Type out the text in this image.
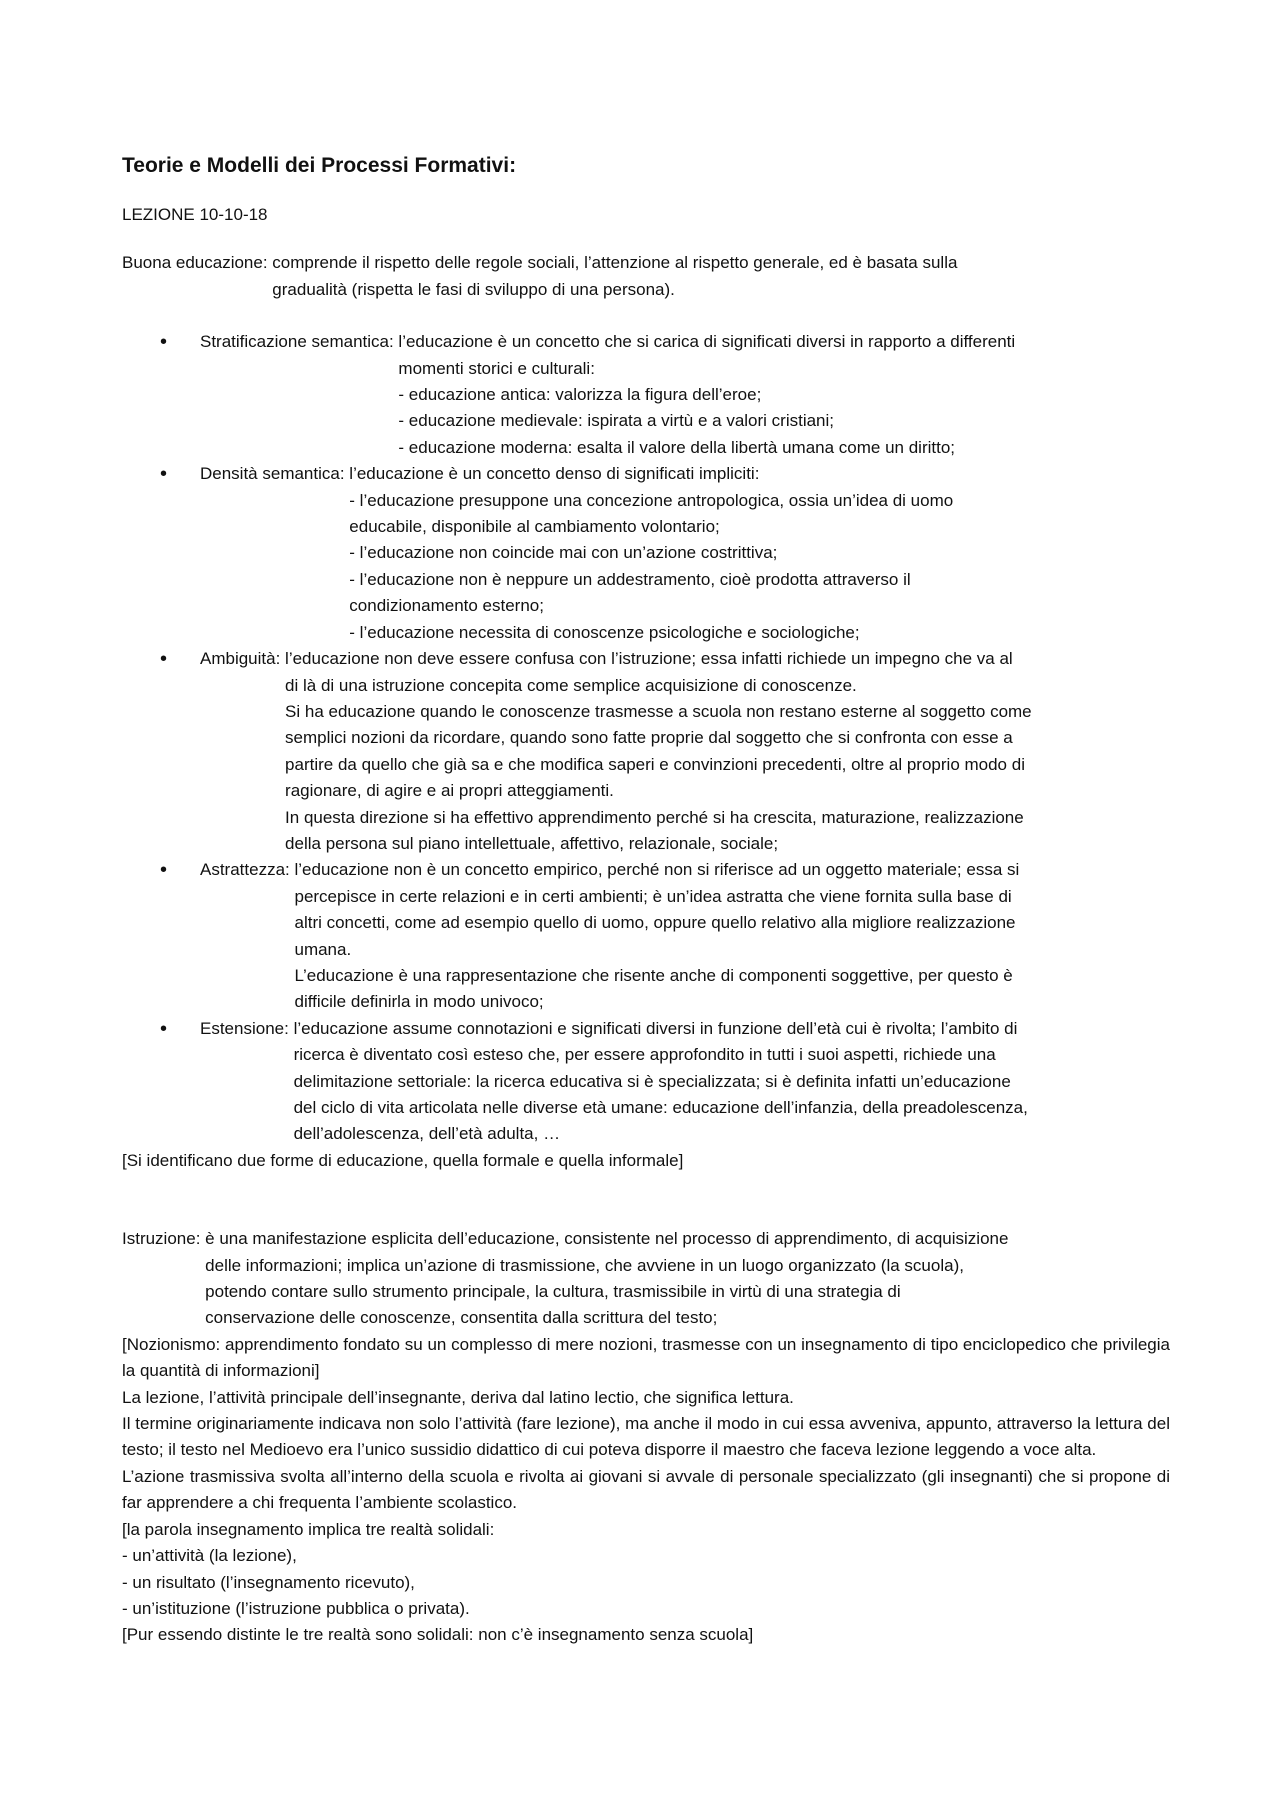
Teorie e Modelli dei Processi Formativi:
LEZIONE 10-10-18
Buona educazione: comprende il rispetto delle regole sociali, l’attenzione al rispetto generale, ed è basata sulla

gradualità (rispetta le fasi di sviluppo di una persona).

• Stratificazione semantica: l’educazione è un concetto che si carica di significati diversi in rapporto a differenti

momenti storici e culturali:

- educazione antica: valorizza la figura dell’eroe;

- educazione medievale: ispirata a virtù e a valori cristiani;

- educazione moderna: esalta il valore della libertà umana come un diritto;

• Densità semantica: l’educazione è un concetto denso di significati impliciti:

- l’educazione presuppone una concezione antropologica, ossia un’idea di uomo

educabile, disponibile al cambiamento volontario;

- l’educazione non coincide mai con un’azione costrittiva;

- l’educazione non è neppure un addestramento, cioè prodotta attraverso il

condizionamento esterno;

- l’educazione necessita di conoscenze psicologiche e sociologiche;

• Ambiguità: l’educazione non deve essere confusa con l’istruzione; essa infatti richiede un impegno che va al

di là di una istruzione concepita come semplice acquisizione di conoscenze.

Si ha educazione quando le conoscenze trasmesse a scuola non restano esterne al soggetto come

semplici nozioni da ricordare, quando sono fatte proprie dal soggetto che si confronta con esse a

partire da quello che già sa e che modifica saperi e convinzioni precedenti, oltre al proprio modo di

ragionare, di agire e ai propri atteggiamenti.

In questa direzione si ha effettivo apprendimento perché si ha crescita, maturazione, realizzazione

della persona sul piano intellettuale, affettivo, relazionale, sociale;

• Astrattezza: l’educazione non è un concetto empirico, perché non si riferisce ad un oggetto materiale; essa si

percepisce in certe relazioni e in certi ambienti; è un’idea astratta che viene fornita sulla base di

altri concetti, come ad esempio quello di uomo, oppure quello relativo alla migliore realizzazione

umana.

L’educazione è una rappresentazione che risente anche di componenti soggettive, per questo è

difficile definirla in modo univoco;

• Estensione: l’educazione assume connotazioni e significati diversi in funzione dell’età cui è rivolta; l’ambito di

ricerca è diventato così esteso che, per essere approfondito in tutti i suoi aspetti, richiede una

delimitazione settoriale: la ricerca educativa si è specializzata; si è definita infatti un’educazione

del ciclo di vita articolata nelle diverse età umane: educazione dell’infanzia, della preadolescenza,

dell’adolescenza, dell’età adulta, …

[Si identificano due forme di educazione, quella formale e quella informale]

Istruzione: è una manifestazione esplicita dell’educazione, consistente nel processo di apprendimento, di acquisizione

delle informazioni; implica un’azione di trasmissione, che avviene in un luogo organizzato (la scuola),

potendo contare sullo strumento principale, la cultura, trasmissibile in virtù di una strategia di

conservazione delle conoscenze, consentita dalla scrittura del testo;

[Nozionismo: apprendimento fondato su un complesso di mere nozioni, trasmesse con un insegnamento di tipo enciclopedico che privilegia la quantità di informazioni]

La lezione, l’attività principale dell’insegnante, deriva dal latino lectio, che significa lettura.

Il termine originariamente indicava non solo l’attività (fare lezione), ma anche il modo in cui essa avveniva, appunto, attraverso la lettura del testo; il testo nel Medioevo era l’unico sussidio didattico di cui poteva disporre il maestro che faceva lezione leggendo a voce alta.

L’azione trasmissiva svolta all’interno della scuola e rivolta ai giovani si avvale di personale specializzato (gli insegnanti) che si propone di far apprendere a chi frequenta l’ambiente scolastico.

[la parola insegnamento implica tre realtà solidali:

- un’attività (la lezione),

- un risultato (l’insegnamento ricevuto),

- un’istituzione (l’istruzione pubblica o privata).

[Pur essendo distinte le tre realtà sono solidali: non c’è insegnamento senza scuola]
